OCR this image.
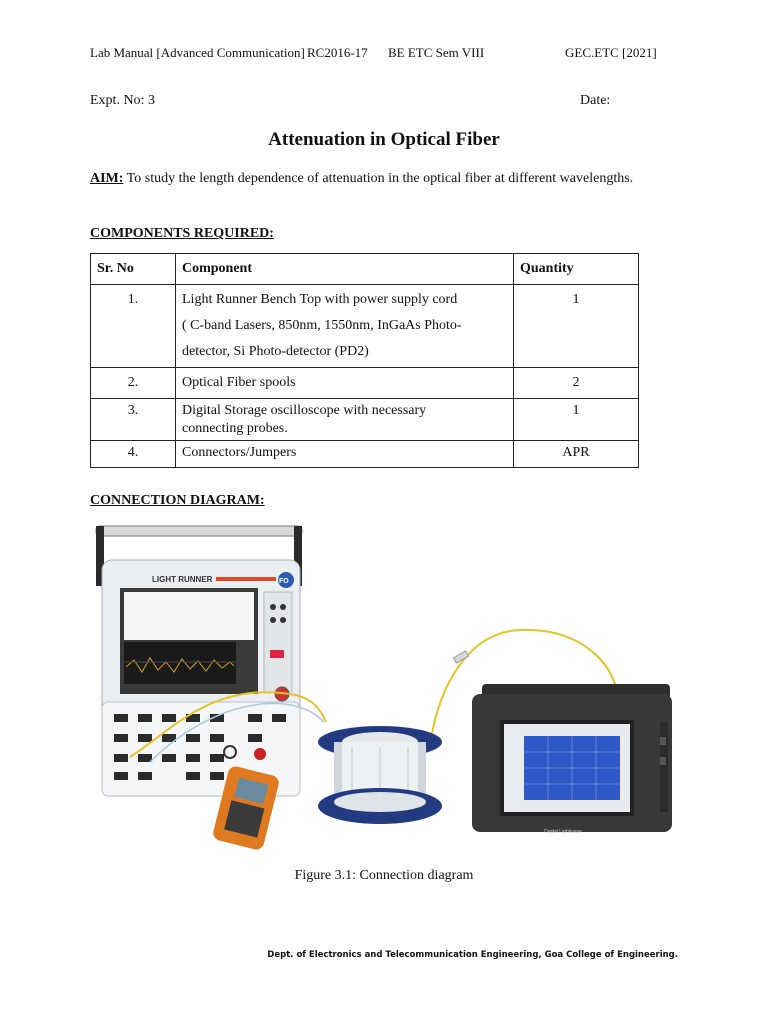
Lab Manual [Advanced Communication] RC2016-17 BE ETC Sem VIII	GEC.ETC [2021]
Expt. No: 3	Date:
Attenuation in Optical Fiber
AIM: To study the length dependence of attenuation in the optical fiber at different wavelengths.
COMPONENTS REQUIRED:
Sr. No	Component	Quantity
1.	Light Runner Bench Top with power supply cord
( C-band Lasers, 850nm, 1550nm, InGaAs Photo-
detector, Si Photo-detector (PD2)	1
2.	Optical Fiber spools	2
3.	Digital Storage oscilloscope with necessary
connecting probes.	1
4.	Connectors/Jumpers	APR
CONNECTION DIAGRAM:
LIGHT RUNNER	FO
Digital Lightwave
Figure 3.1: Connection diagram
Dept. of Electronics and Telecommunication Engineering, Goa College of Engineering.
